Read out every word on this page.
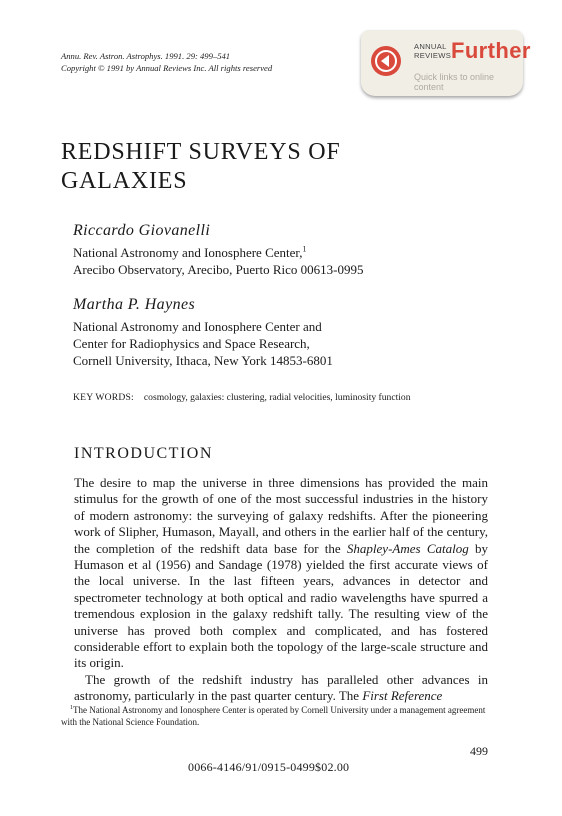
Annu. Rev. Astron. Astrophys. 1991. 29: 499–541
Copyright © 1991 by Annual Reviews Inc. All rights reserved
ANNUAL
REVIEWS Further
Quick links to online content
REDSHIFT SURVEYS OF
GALAXIES
Riccardo Giovanelli
National Astronomy and Ionosphere Center,$^1$
Arecibo Observatory, Arecibo, Puerto Rico 00613-0995
Martha P. Haynes
National Astronomy and Ionosphere Center and
Center for Radiophysics and Space Research,
Cornell University, Ithaca, New York 14853-6801
KEY WORDS: cosmology, galaxies: clustering, radial velocities, luminosity function
INTRODUCTION

The desire to map the universe in three dimensions has provided the main stimulus for the growth of one of the most successful industries in the history of modern astronomy: the surveying of galaxy redshifts. After the pioneering work of Slipher, Humason, Mayall, and others in the earlier half of the century, the completion of the redshift data base for the Shapley-Ames Catalog by Humason et al (1956) and Sandage (1978) yielded the first accurate views of the local universe. In the last fifteen years, advances in detector and spectrometer technology at both optical and radio wavelengths have spurred a tremendous explosion in the galaxy redshift tally. The resulting view of the universe has proved both complex and complicated, and has fostered considerable effort to explain both the topology of the large-scale structure and its origin.

The growth of the redshift industry has paralleled other advances in astronomy, particularly in the past quarter century. The First Reference

$^1$The National Astronomy and Ionosphere Center is operated by Cornell University under a management agreement with the National Science Foundation.
499
0066-4146/91/0915-0499$02.00
